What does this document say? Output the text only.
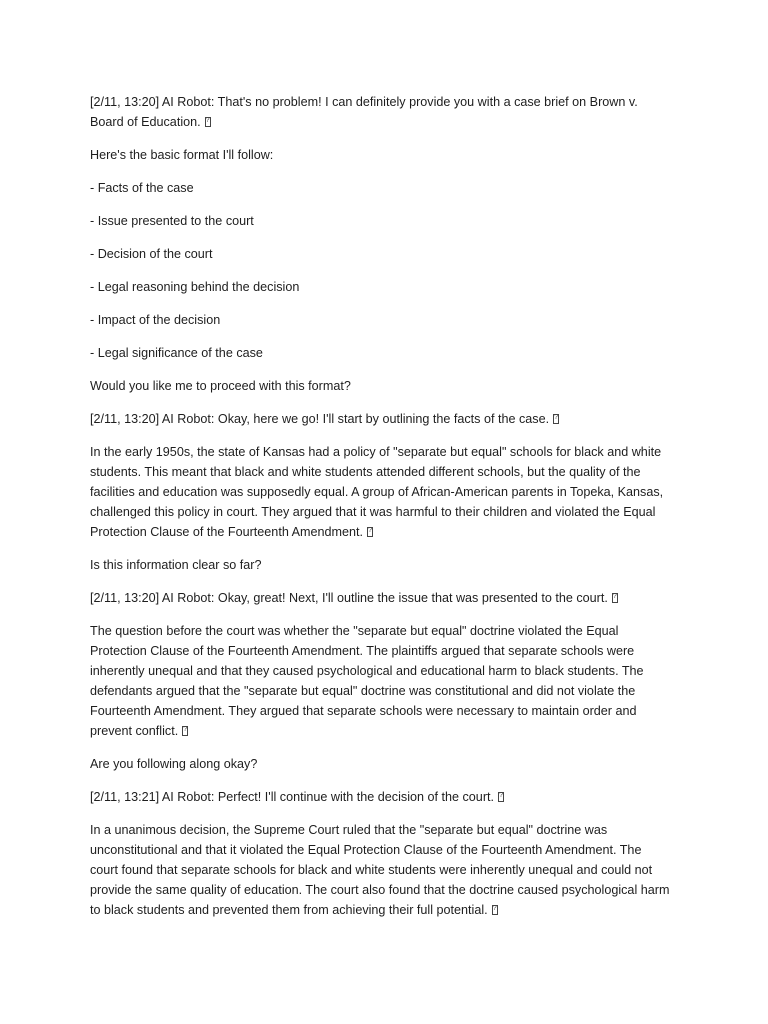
[2/11, 13:20] AI Robot: That's no problem! I can definitely provide you with a case brief on Brown v. Board of Education.?

Here's the basic format I'll follow:

- Facts of the case

- Issue presented to the court

- Decision of the court

- Legal reasoning behind the decision

- Impact of the decision

- Legal significance of the case

Would you like me to proceed with this format?

[2/11, 13:20] AI Robot: Okay, here we go! I'll start by outlining the facts of the case.?

In the early 1950s, the state of Kansas had a policy of "separate but equal" schools for black and white students. This meant that black and white students attended different schools, but the quality of the facilities and education was supposedly equal. A group of African-American parents in Topeka, Kansas, challenged this policy in court. They argued that it was harmful to their children and violated the Equal Protection Clause of the Fourteenth Amendment.?

Is this information clear so far?

[2/11, 13:20] AI Robot: Okay, great! Next, I'll outline the issue that was presented to the court.?

The question before the court was whether the "separate but equal" doctrine violated the Equal Protection Clause of the Fourteenth Amendment. The plaintiffs argued that separate schools were inherently unequal and that they caused psychological and educational harm to black students. The defendants argued that the "separate but equal" doctrine was constitutional and did not violate the Fourteenth Amendment. They argued that separate schools were necessary to maintain order and prevent conflict.?

Are you following along okay?

[2/11, 13:21] AI Robot: Perfect! I'll continue with the decision of the court.?

In a unanimous decision, the Supreme Court ruled that the "separate but equal" doctrine was unconstitutional and that it violated the Equal Protection Clause of the Fourteenth Amendment. The court found that separate schools for black and white students were inherently unequal and could not provide the same quality of education. The court also found that the doctrine caused psychological harm to black students and prevented them from achieving their full potential.?
